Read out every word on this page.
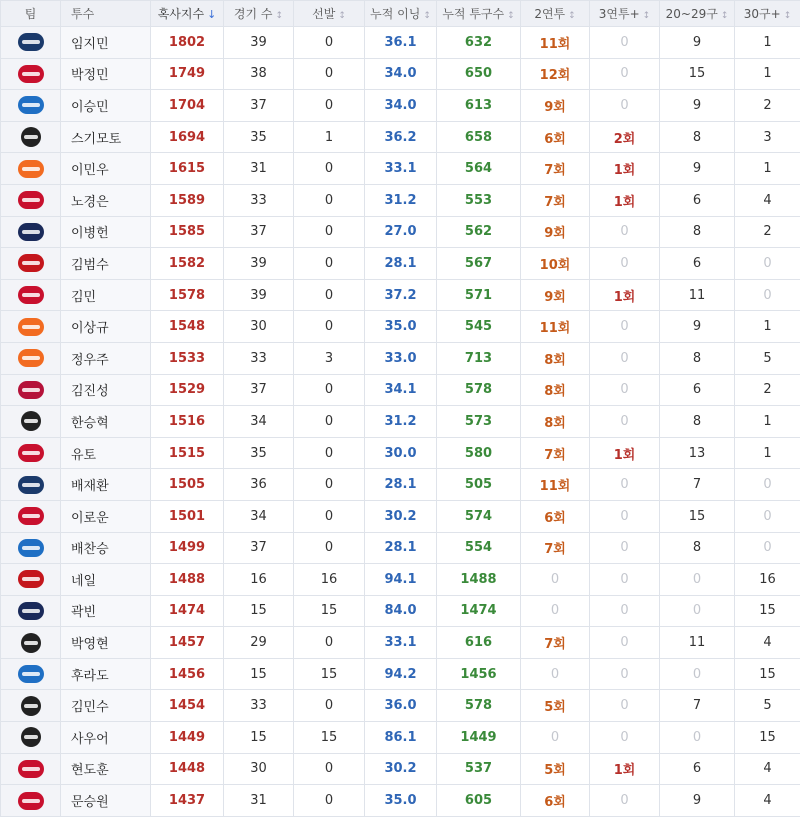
팀	투수	혹사지수 ↓	경기 수 ↕	선발 ↕	누적 이닝 ↕	누적 투구수 ↕	2연투 ↕	3연투+ ↕	20~29구 ↕	30구+ ↕
	임지민	1802	39	0	36.1	632	11회	0	9	1
	박정민	1749	38	0	34.0	650	12회	0	15	1
	이승민	1704	37	0	34.0	613	9회	0	9	2
	스기모토	1694	35	1	36.2	658	6회	2회	8	3
	이민우	1615	31	0	33.1	564	7회	1회	9	1
	노경은	1589	33	0	31.2	553	7회	1회	6	4
	이병헌	1585	37	0	27.0	562	9회	0	8	2
	김범수	1582	39	0	28.1	567	10회	0	6	0
	김민	1578	39	0	37.2	571	9회	1회	11	0
	이상규	1548	30	0	35.0	545	11회	0	9	1
	정우주	1533	33	3	33.0	713	8회	0	8	5
	김진성	1529	37	0	34.1	578	8회	0	6	2
	한승혁	1516	34	0	31.2	573	8회	0	8	1
	유토	1515	35	0	30.0	580	7회	1회	13	1
	배재환	1505	36	0	28.1	505	11회	0	7	0
	이로운	1501	34	0	30.2	574	6회	0	15	0
	배찬승	1499	37	0	28.1	554	7회	0	8	0
	네일	1488	16	16	94.1	1488	0	0	0	16
	곽빈	1474	15	15	84.0	1474	0	0	0	15
	박영현	1457	29	0	33.1	616	7회	0	11	4
	후라도	1456	15	15	94.2	1456	0	0	0	15
	김민수	1454	33	0	36.0	578	5회	0	7	5
	사우어	1449	15	15	86.1	1449	0	0	0	15
	현도훈	1448	30	0	30.2	537	5회	1회	6	4
	문승원	1437	31	0	35.0	605	6회	0	9	4
